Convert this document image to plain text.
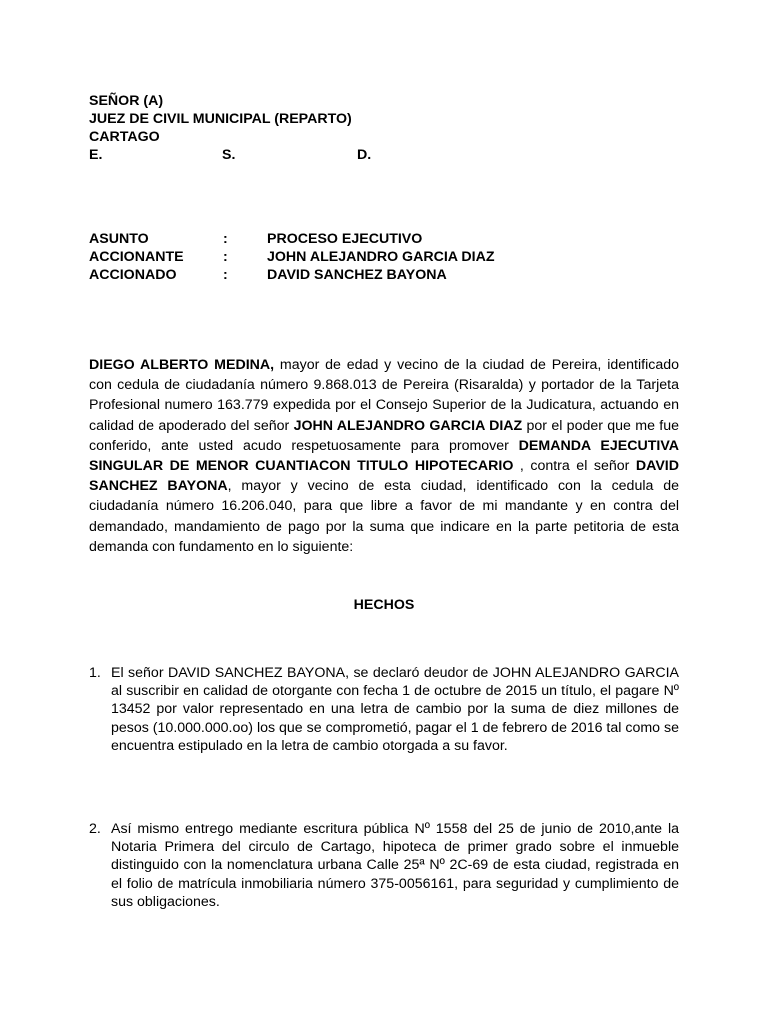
SEÑOR (A)
JUEZ DE CIVIL MUNICIPAL (REPARTO)
CARTAGO
E.	S.	D.
ASUNTO	:	PROCESO EJECUTIVO
ACCIONANTE	:	JOHN ALEJANDRO GARCIA DIAZ
ACCIONADO	:	DAVID SANCHEZ BAYONA

DIEGO ALBERTO MEDINA, mayor de edad y vecino de la ciudad de Pereira, identificado con cedula de ciudadanía número 9.868.013 de Pereira (Risaralda) y portador de la Tarjeta Profesional numero 163.779 expedida por el Consejo Superior de la Judicatura, actuando en calidad de apoderado del señor JOHN ALEJANDRO GARCIA DIAZ por el poder que me fue conferido, ante usted acudo respetuosamente para promover DEMANDA EJECUTIVA SINGULAR DE MENOR CUANTIACON TITULO HIPOTECARIO , contra el señor DAVID SANCHEZ BAYONA, mayor y vecino de esta ciudad, identificado con la cedula de ciudadanía número 16.206.040, para que libre a favor de mi mandante y en contra del demandado, mandamiento de pago por la suma que indicare en la parte petitoria de esta demanda con fundamento en lo siguiente:

HECHOS
1. El señor DAVID SANCHEZ BAYONA, se declaró deudor de JOHN ALEJANDRO GARCIA al suscribir en calidad de otorgante con fecha 1 de octubre de 2015 un título, el pagare Nº 13452 por valor representado en una letra de cambio por la suma de diez millones de pesos (10.000.000.oo) los que se comprometió, pagar el 1 de febrero de 2016 tal como se encuentra estipulado en la letra de cambio otorgada a su favor.
2. Así mismo entrego mediante escritura pública Nº 1558 del 25 de junio de 2010,ante la Notaria Primera del circulo de Cartago, hipoteca de primer grado sobre el inmueble distinguido con la nomenclatura urbana Calle 25ª Nº 2C-69 de esta ciudad, registrada en el folio de matrícula inmobiliaria número 375-0056161, para seguridad y cumplimiento de sus obligaciones.
